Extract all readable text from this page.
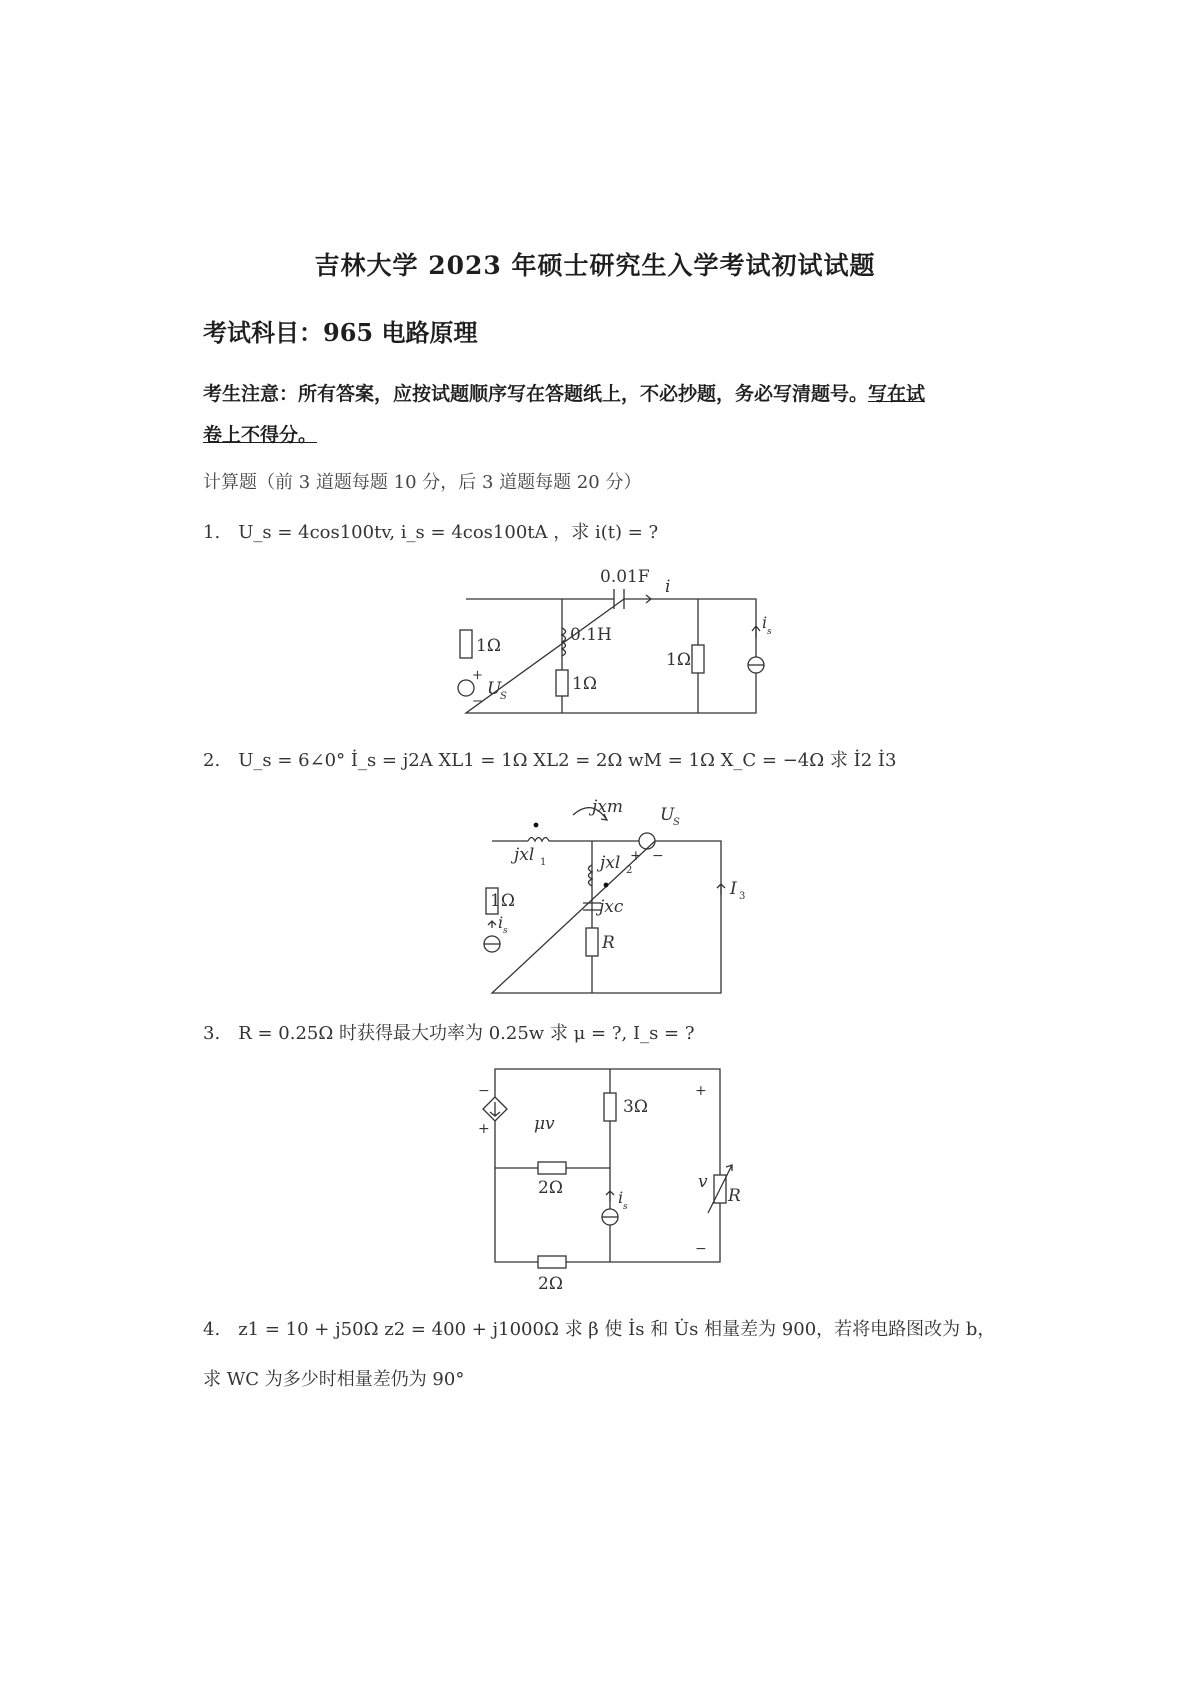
吉林大学 2023 年硕士研究生入学考试初试试题
考试科目：965 电路原理
考生注意：所有答案，应按试题顺序写在答题纸上，不必抄题，务必写清题号。写在试
卷上不得分。
计算题（前 3 道题每题 10 分，后 3 道题每题 20 分）
1. U_s = 4cos100tv, i_s = 4cos100tA ，求 i(t) = ?
0.01F i
1Ω
0.1H
1Ω
1Ω
+
−
U
S
i s
2. U_s = 6∠0° İ_s = j2A XL1 = 1Ω XL2 = 2Ω wM = 1Ω X_C = −4Ω 求 İ2 İ3
jxm U
S
+ −
jxl 1	jxl 2
1Ω
i s
jxc
R
I 3
3. R = 0.25Ω 时获得最大功率为 0.25w 求 μ = ?, I_s = ?
−
+	μv
3Ω
2Ω
2Ω
i s
+
v
−
R
4. z1 = 10 + j50Ω z2 = 400 + j1000Ω 求 β 使 İs 和 U̇s 相量差为 900，若将电路图改为 b，
求 WC 为多少时相量差仍为 90°
